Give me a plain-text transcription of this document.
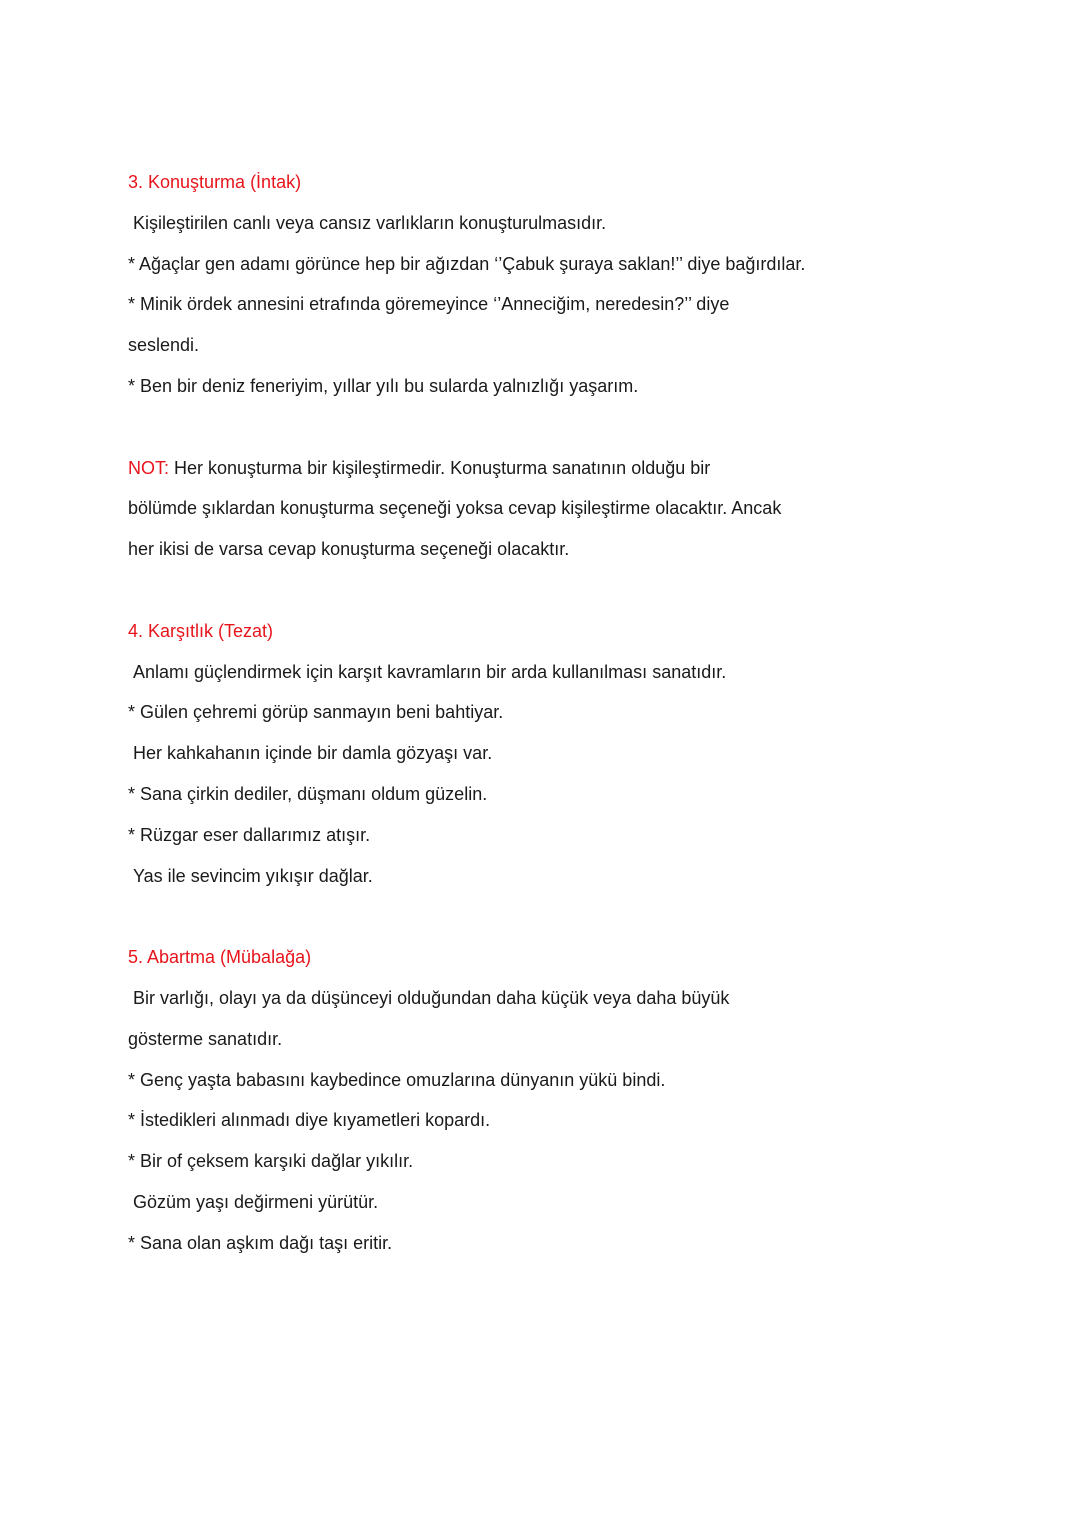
3. Konuşturma (İntak)
Kişileştirilen canlı veya cansız varlıkların konuşturulmasıdır.
* Ağaçlar gen adamı görünce hep bir ağızdan ‘’Çabuk şuraya saklan!’’ diye bağırdılar.
* Minik ördek annesini etrafında göremeyince ‘’Anneciğim, neredesin?’’ diye
seslendi.
* Ben bir deniz feneriyim, yıllar yılı bu sularda yalnızlığı yaşarım.
NOT: Her konuşturma bir kişileştirmedir. Konuşturma sanatının olduğu bir
bölümde şıklardan konuşturma seçeneği yoksa cevap kişileştirme olacaktır. Ancak
her ikisi de varsa cevap konuşturma seçeneği olacaktır.
4. Karşıtlık (Tezat)
Anlamı güçlendirmek için karşıt kavramların bir arda kullanılması sanatıdır.
* Gülen çehremi görüp sanmayın beni bahtiyar.
Her kahkahanın içinde bir damla gözyaşı var.
* Sana çirkin dediler, düşmanı oldum güzelin.
* Rüzgar eser dallarımız atışır.
Yas ile sevincim yıkışır dağlar.
5. Abartma (Mübalağa)
Bir varlığı, olayı ya da düşünceyi olduğundan daha küçük veya daha büyük
gösterme sanatıdır.
* Genç yaşta babasını kaybedince omuzlarına dünyanın yükü bindi.
* İstedikleri alınmadı diye kıyametleri kopardı.
* Bir of çeksem karşıki dağlar yıkılır.
Gözüm yaşı değirmeni yürütür.
* Sana olan aşkım dağı taşı eritir.
